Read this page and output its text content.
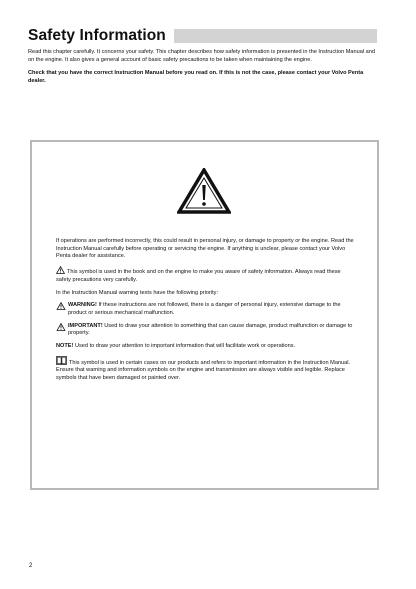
Safety Information

Read this chapter carefully. It concerns your safety. This chapter describes how safety information is presented in the Instruction Manual and on the engine. It also gives a general account of basic safety precautions to be taken when maintaining the engine.

Check that you have the correct Instruction Manual before you read on. If this is not the case, please contact your Volvo Penta dealer.

If operations are performed incorrectly, this could result in personal injury, or damage to property or the engine. Read the Instruction Manual carefully before operating or servicing the engine. If anything is unclear, please contact your Volvo Penta dealer for assistance.

This symbol is used in the book and on the engine to make you aware of safety information. Always read these safety precautions very carefully.

In the Instruction Manual warning texts have the following priority:

WARNING! If these instructions are not followed, there is a danger of personal injury, extensive damage to the product or serious mechanical malfunction.
IMPORTANT! Used to draw your attention to something that can cause damage, product malfunction or damage to property.

NOTE! Used to draw your attention to important information that will facilitate work or operations.

This symbol is used in certain cases on our products and refers to important information in the Instruction Manual. Ensure that warning and information symbols on the engine and transmission are always visible and legible. Replace symbols that have been damaged or painted over.

2
